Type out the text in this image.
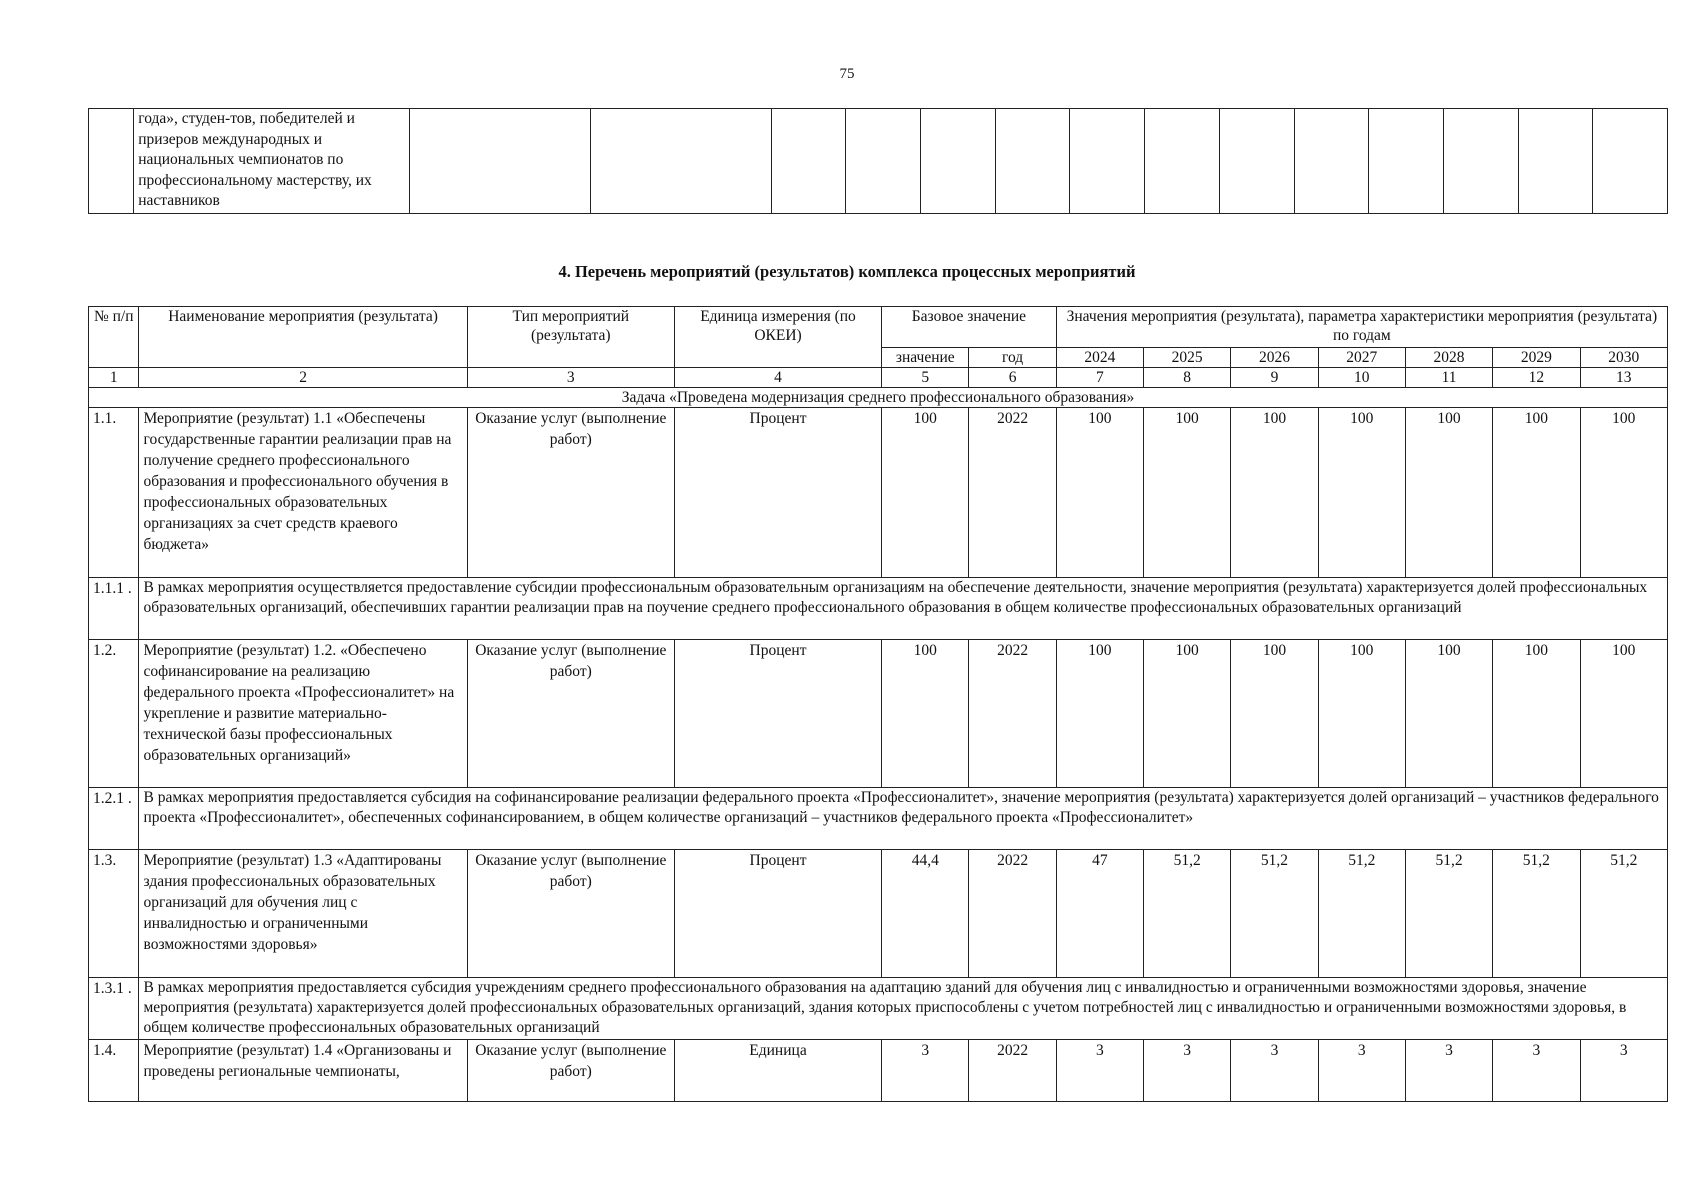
75
	года», студен-тов, победителей и призеров международных и национальных чемпионатов по профессиональному мастерству, их наставников														
4. Перечень мероприятий (результатов) комплекса процессных мероприятий
№ п/п	Наименование мероприятия (результата)	Тип мероприятий (результата)	Единица измерения (по ОКЕИ)	Базовое значение		Значения мероприятия (результата), параметра характеристики мероприятия (результата) по годам						
				значение	год	2024	2025	2026	2027	2028	2029	2030
1	2	3	4	5	6	7	8	9	10	11	12	13
Задача «Проведена модернизация среднего профессионального образования»												
1.1.	Мероприятие (результат) 1.1 «Обеспечены государственные гарантии реализации прав на получение среднего профессионального образования и профессионального обучения в профессиональных образовательных организациях за счет средств краевого бюджета»	Оказание услуг (выполнение работ)	Процент	100	2022	100	100	100	100	100	100	100
1.1.1 .	В рамках мероприятия осуществляется предоставление субсидии профессиональным образовательным организациям на обеспечение деятельности, значение мероприятия (результата) характеризуется долей профессиональных образовательных организаций, обеспечивших гарантии реализации прав на поучение среднего профессионального образования в общем количестве профессиональных образовательных организаций											
1.2.	Мероприятие (результат) 1.2. «Обеспечено софинансирование на реализацию федерального проекта «Профессионалитет» на укрепление и развитие материально-технической базы профессиональных образовательных организаций»	Оказание услуг (выполнение работ)	Процент	100	2022	100	100	100	100	100	100	100
1.2.1 .	В рамках мероприятия предоставляется субсидия на софинансирование реализации федерального проекта «Профессионалитет», значение мероприятия (результата) характеризуется долей организаций – участников федерального проекта «Профессионалитет», обеспеченных софинансированием, в общем количестве организаций – участников федерального проекта «Профессионалитет»											
1.3.	Мероприятие (результат) 1.3 «Адаптированы здания профессиональных образовательных организаций для обучения лиц с инвалидностью и ограниченными возможностями здоровья»	Оказание услуг (выполнение работ)	Процент	44,4	2022	47	51,2	51,2	51,2	51,2	51,2	51,2
1.3.1 .	В рамках мероприятия предоставляется субсидия учреждениям среднего профессионального образования на адаптацию зданий для обучения лиц с инвалидностью и ограниченными возможностями здоровья, значение мероприятия (результата) характеризуется долей профессиональных образовательных организаций, здания которых приспособлены с учетом потребностей лиц с инвалидностью и ограниченными возможностями здоровья, в общем количестве профессиональных образовательных организаций											
1.4.	Мероприятие (результат) 1.4 «Организованы и проведены региональные чемпионаты,	Оказание услуг (выполнение работ)	Единица	3	2022	3	3	3	3	3	3	3
